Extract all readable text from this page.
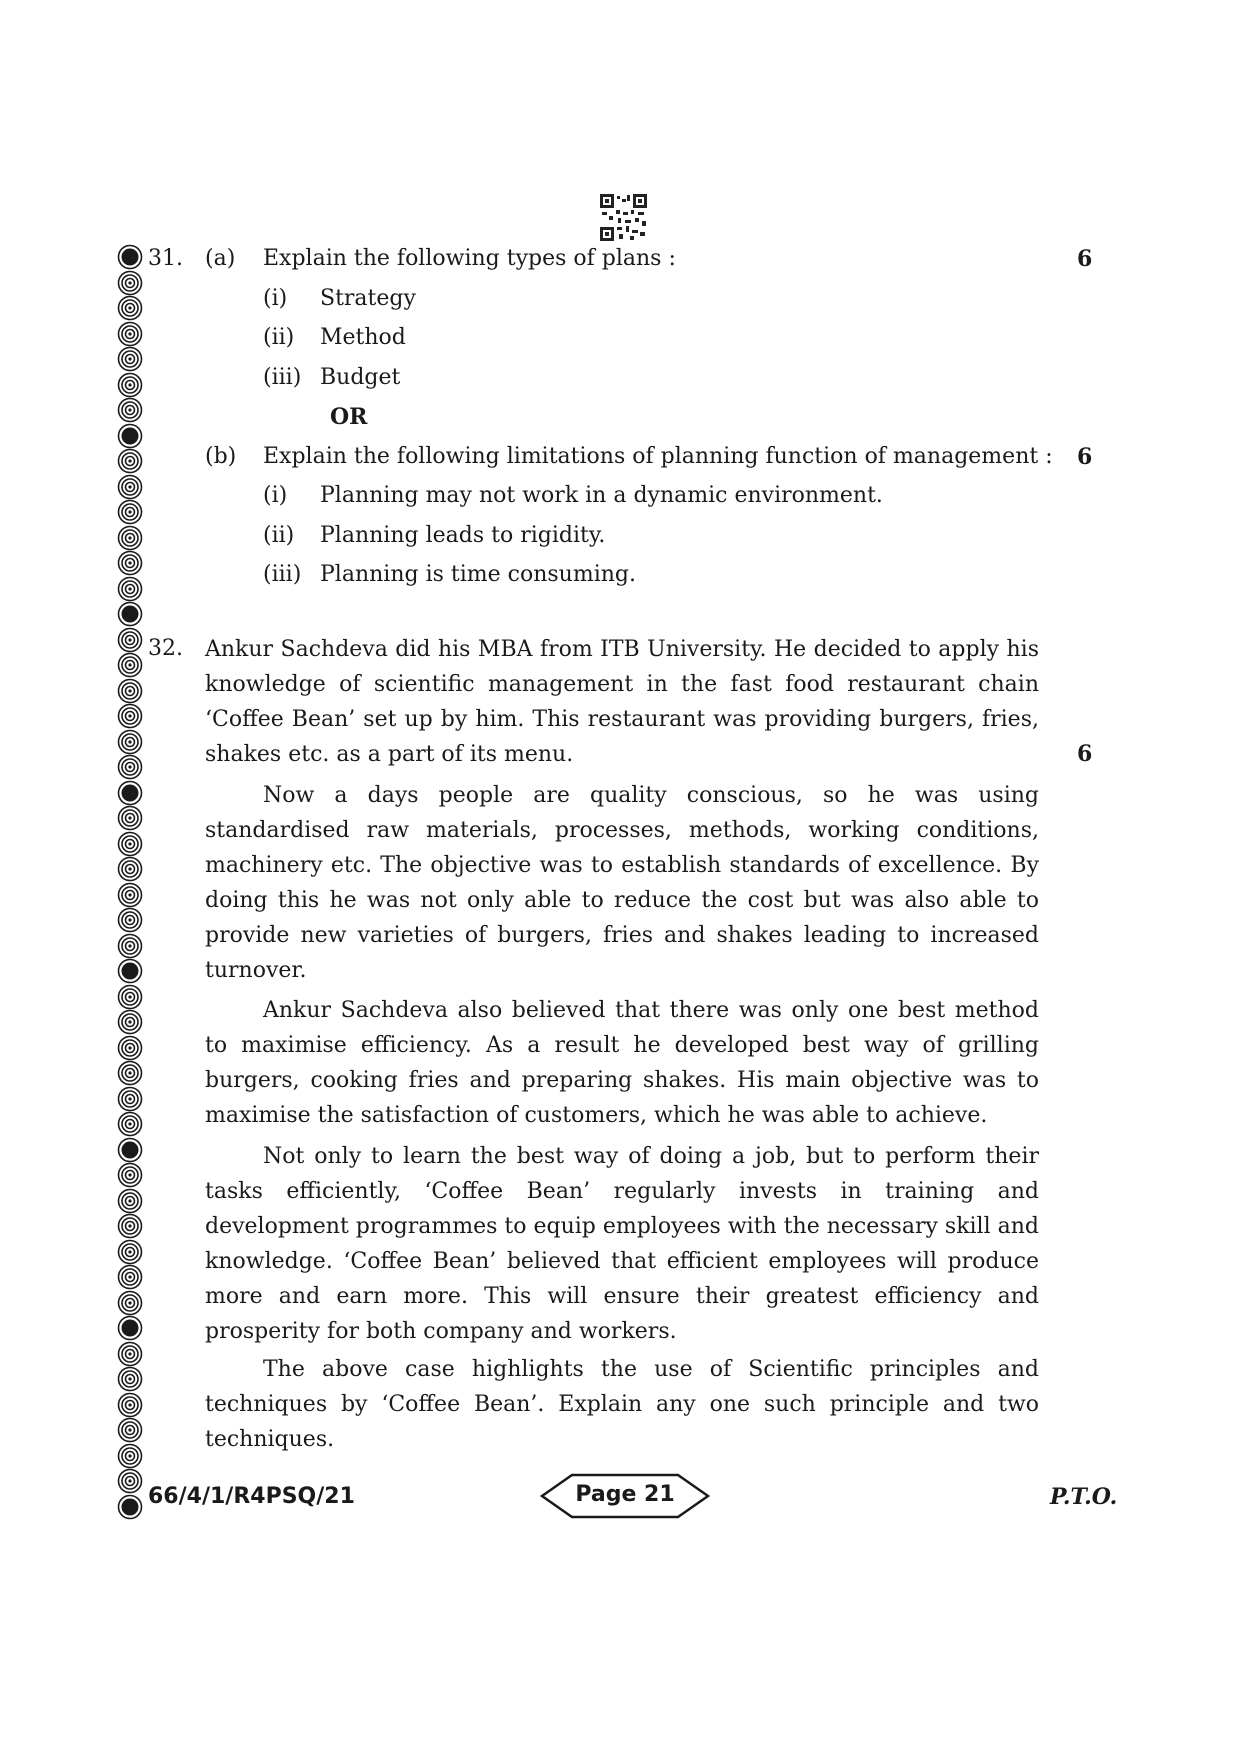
31. (a) Explain the following types of plans :	6
(i) Strategy
(ii) Method
(iii) Budget
OR
(b) Explain the following limitations of planning function of management : 6
(i) Planning may not work in a dynamic environment.
(ii) Planning leads to rigidity.
(iii) Planning is time consuming.
32. Ankur Sachdeva did his MBA from ITB University. He decided to apply his knowledge of scientific management in the fast food restaurant chain ‘Coffee Bean’ set up by him. This restaurant was providing burgers, fries, shakes etc. as a part of its menu.	6
Now a days people are quality conscious, so he was using standardised raw materials, processes, methods, working conditions, machinery etc. The objective was to establish standards of excellence. By doing this he was not only able to reduce the cost but was also able to provide new varieties of burgers, fries and shakes leading to increased turnover.
Ankur Sachdeva also believed that there was only one best method to maximise efficiency. As a result he developed best way of grilling burgers, cooking fries and preparing shakes. His main objective was to maximise the satisfaction of customers, which he was able to achieve.
Not only to learn the best way of doing a job, but to perform their tasks efficiently, ‘Coffee Bean’ regularly invests in training and development programmes to equip employees with the necessary skill and knowledge. ‘Coffee Bean’ believed that efficient employees will produce more and earn more. This will ensure their greatest efficiency and prosperity for both company and workers.
The above case highlights the use of Scientific principles and techniques by ‘Coffee Bean’. Explain any one such principle and two techniques.
66/4/1/R4PSQ/21	Page 21	P.T.O.
